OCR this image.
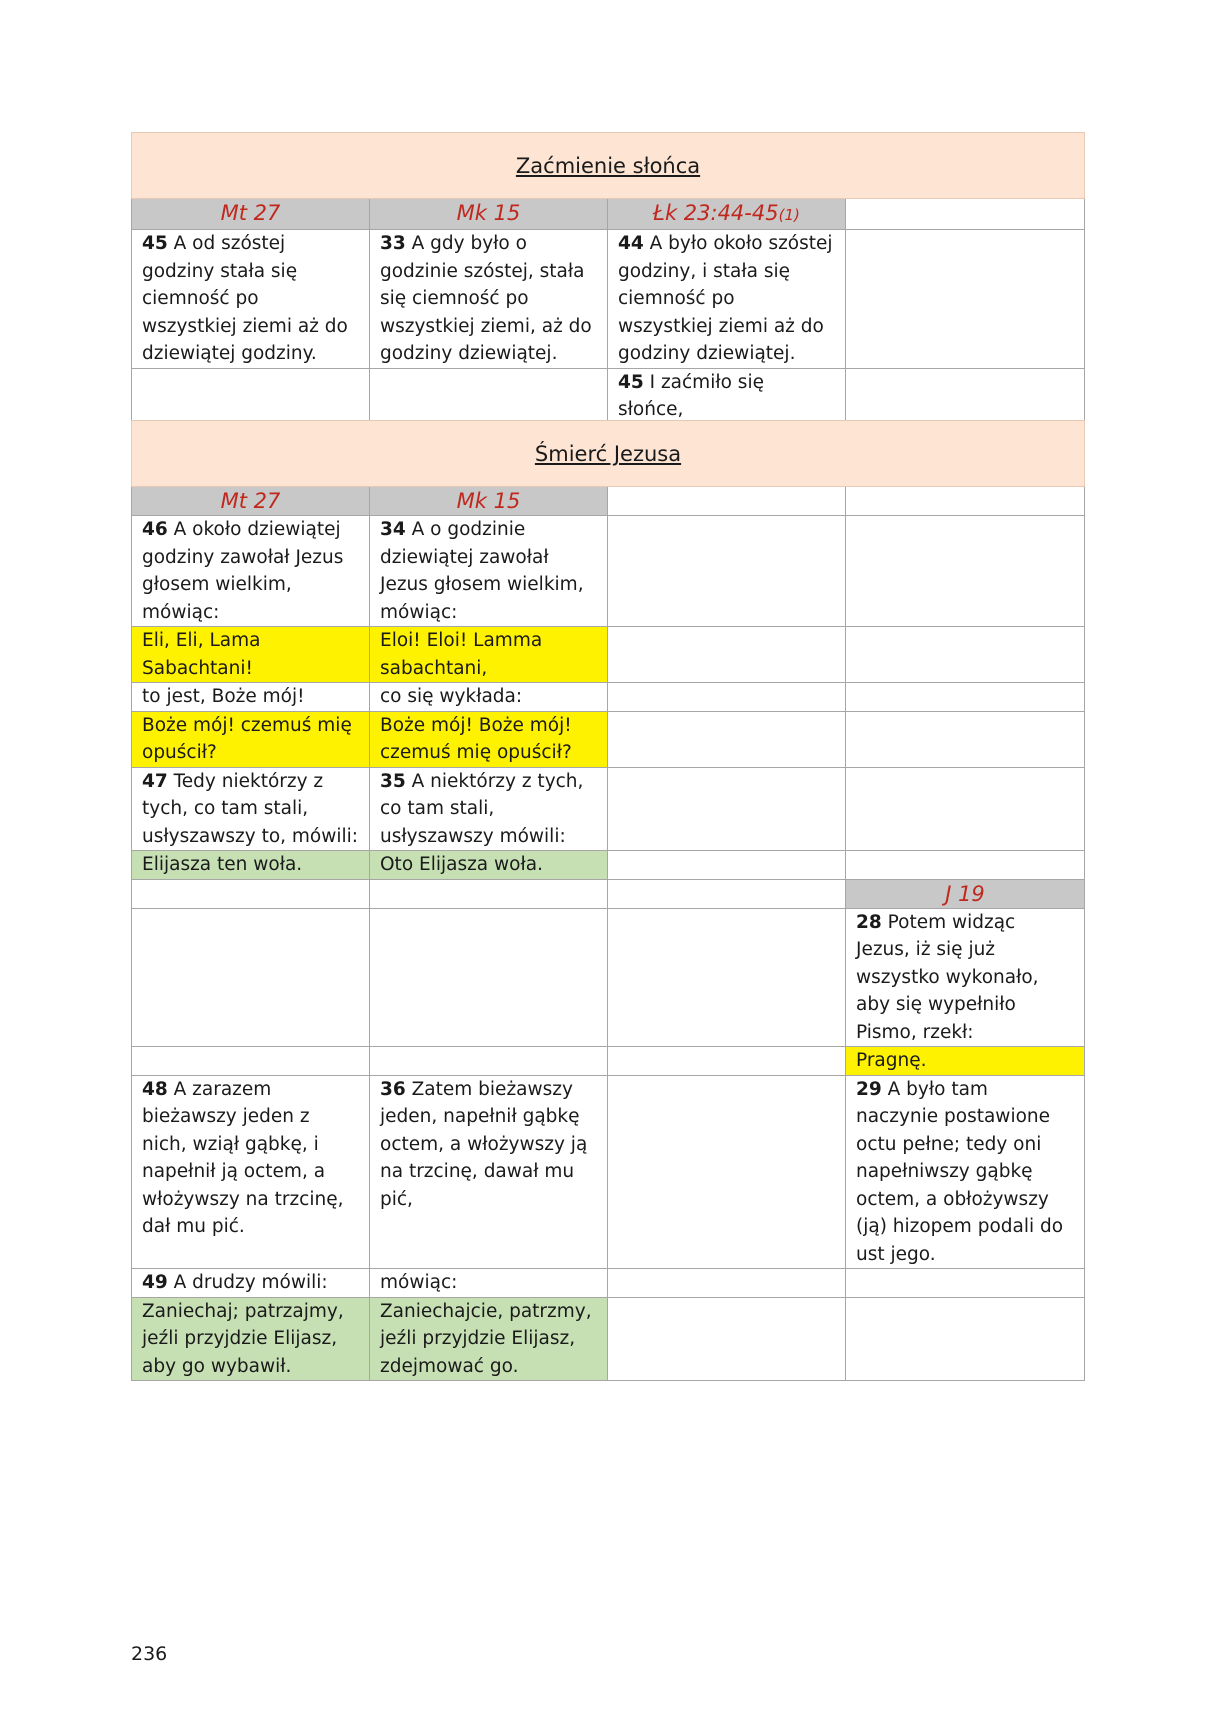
Zaćmienie słońca			
Mt 27	Mk 15	Łk 23:44-45(1)	
45 A od szóstej godziny stała się ciemność po wszystkiej ziemi aż do dziewiątej godziny.	33 A gdy było o godzinie szóstej, stała się ciemność po wszystkiej ziemi, aż do godziny dziewiątej.	44 A było około szóstej godziny, i stała się ciemność po wszystkiej ziemi aż do godziny dziewiątej.	
		45 I zaćmiło się słońce,	
Śmierć Jezusa			
Mt 27	Mk 15		
46 A około dziewiątej godziny zawołał Jezus głosem wielkim, mówiąc:	34 A o godzinie dziewiątej zawołał Jezus głosem wielkim, mówiąc:		
Eli, Eli, Lama Sabachtani!	Eloi! Eloi! Lamma sabachtani,		
to jest, Boże mój!	co się wykłada:		
Boże mój! czemuś mię opuścił?	Boże mój! Boże mój! czemuś mię opuścił?		
47 Tedy niektórzy z tych, co tam stali, usłyszawszy to, mówili:	35 A niektórzy z tych, co tam stali, usłyszawszy mówili:		
Elijasza ten woła.	Oto Elijasza woła.		
			J 19
			28 Potem widząc Jezus, iż się już wszystko wykonało, aby się wypełniło Pismo, rzekł:
			Pragnę.
48 A zarazem bieżawszy jeden z nich, wziął gąbkę, i napełnił ją octem, a włożywszy na trzcinę, dał mu pić.	36 Zatem bieżawszy jeden, napełnił gąbkę octem, a włożywszy ją na trzcinę, dawał mu pić,		29 A było tam naczynie postawione octu pełne; tedy oni napełniwszy gąbkę octem, a obłożywszy (ją) hizopem podali do ust jego.
49 A drudzy mówili:	mówiąc:		
Zaniechaj; patrzajmy, jeźli przyjdzie Elijasz, aby go wybawił.	Zaniechajcie, patrzmy, jeźli przyjdzie Elijasz, zdejmować go.		
236
